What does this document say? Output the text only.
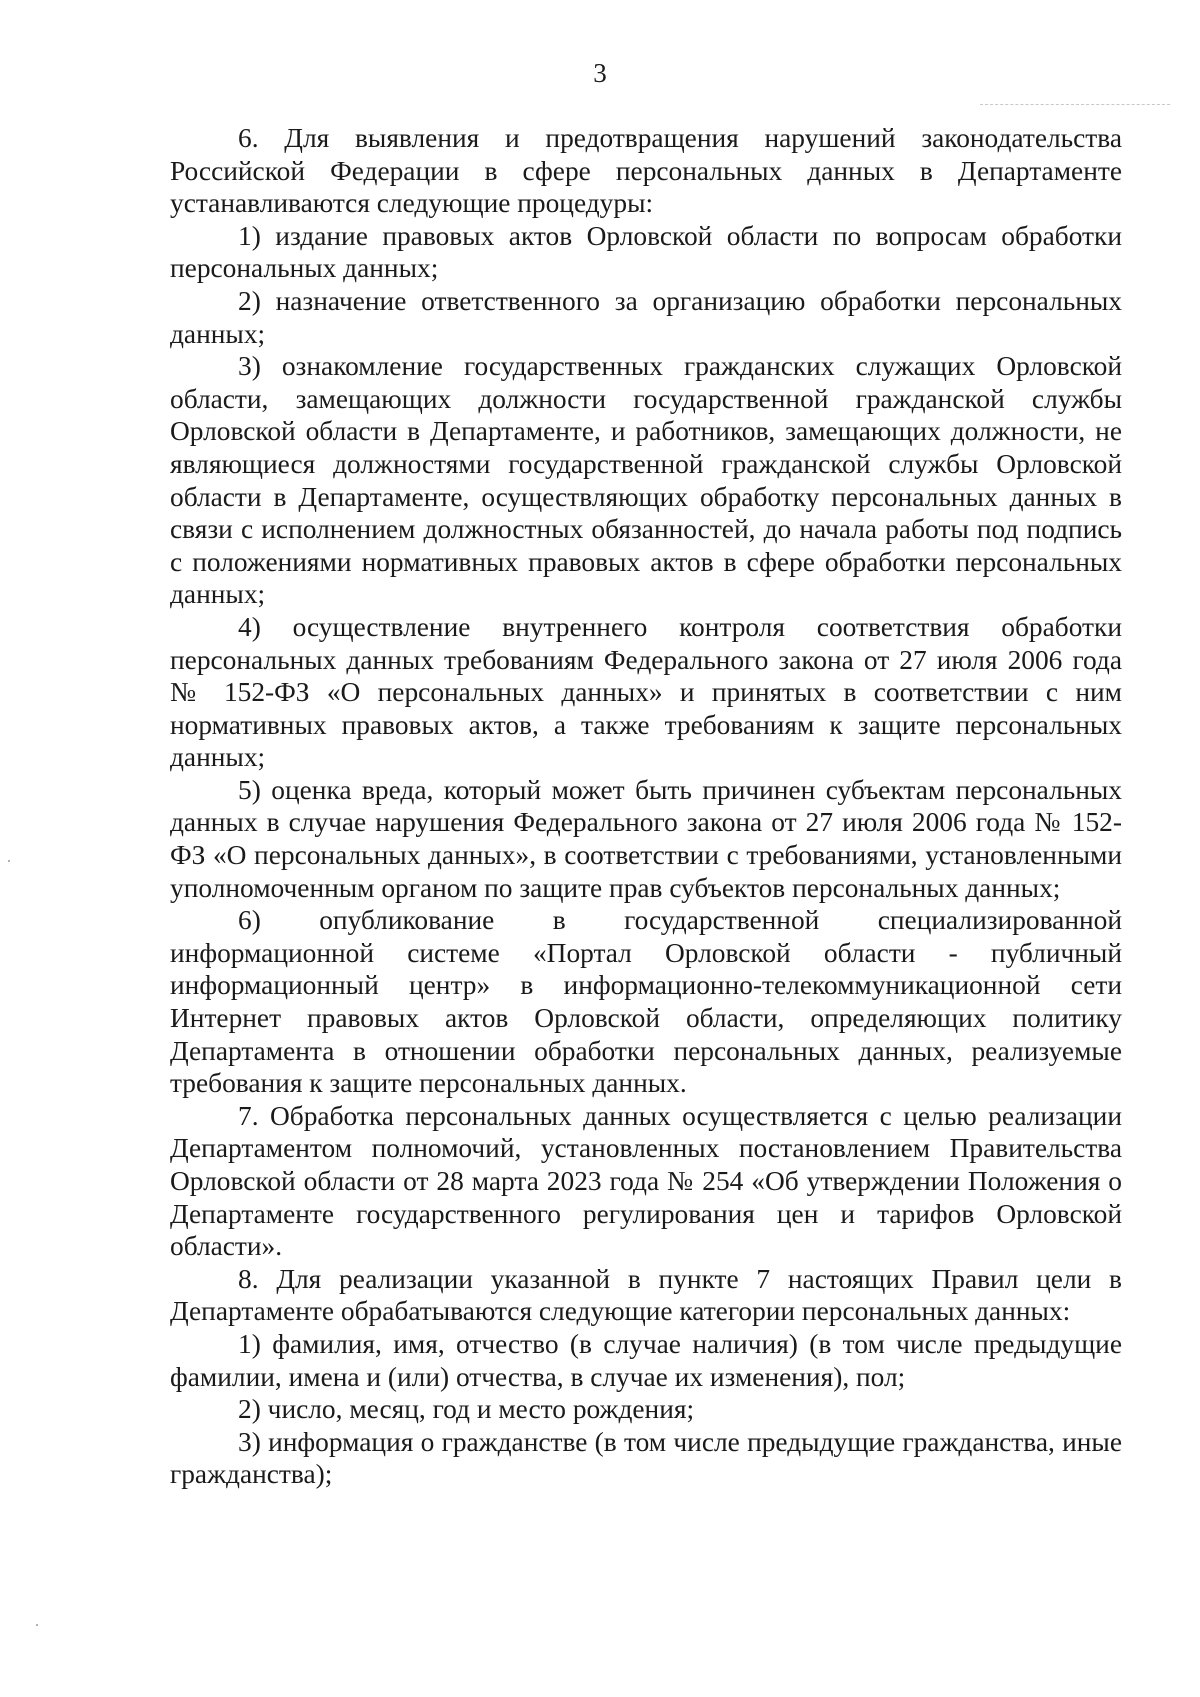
3

6. Для выявления и предотвращения нарушений законодательства Российской Федерации в сфере персональных данных в Департаменте устанавливаются следующие процедуры:

1) издание правовых актов Орловской области по вопросам обработки персональных данных;

2) назначение ответственного за организацию обработки персональных данных;

3) ознакомление государственных гражданских служащих Орловской области, замещающих должности государственной гражданской службы Орловской области в Департаменте, и работников, замещающих должности, не являющиеся должностями государственной гражданской службы Орловской области в Департаменте, осуществляющих обработку персональных данных в связи с исполнением должностных обязанностей, до начала работы под подпись с положениями нормативных правовых актов в сфере обработки персональных данных;

4) осуществление внутреннего контроля соответствия обработки персональных данных требованиям Федерального закона от 27 июля 2006 года № 152-ФЗ «О персональных данных» и принятых в соответствии с ним нормативных правовых актов, а также требованиям к защите персональных данных;

5) оценка вреда, который может быть причинен субъектам персональных данных в случае нарушения Федерального закона от 27 июля 2006 года № 152-ФЗ «О персональных данных», в соответствии с требованиями, установленными уполномоченным органом по защите прав субъектов персональных данных;

6) опубликование в государственной специализированной информационной системе «Портал Орловской области - публичный информационный центр» в информационно-телекоммуникационной сети Интернет правовых актов Орловской области, определяющих политику Департамента в отношении обработки персональных данных, реализуемые требования к защите персональных данных.

7. Обработка персональных данных осуществляется с целью реализации Департаментом полномочий, установленных постановлением Правительства Орловской области от 28 марта 2023 года № 254 «Об утверждении Положения о Департаменте государственного регулирования цен и тарифов Орловской области».

8. Для реализации указанной в пункте 7 настоящих Правил цели в Департаменте обрабатываются следующие категории персональных данных:

1) фамилия, имя, отчество (в случае наличия) (в том числе предыдущие фамилии, имена и (или) отчества, в случае их изменения), пол;

2) число, месяц, год и место рождения;

3) информация о гражданстве (в том числе предыдущие гражданства, иные гражданства);
